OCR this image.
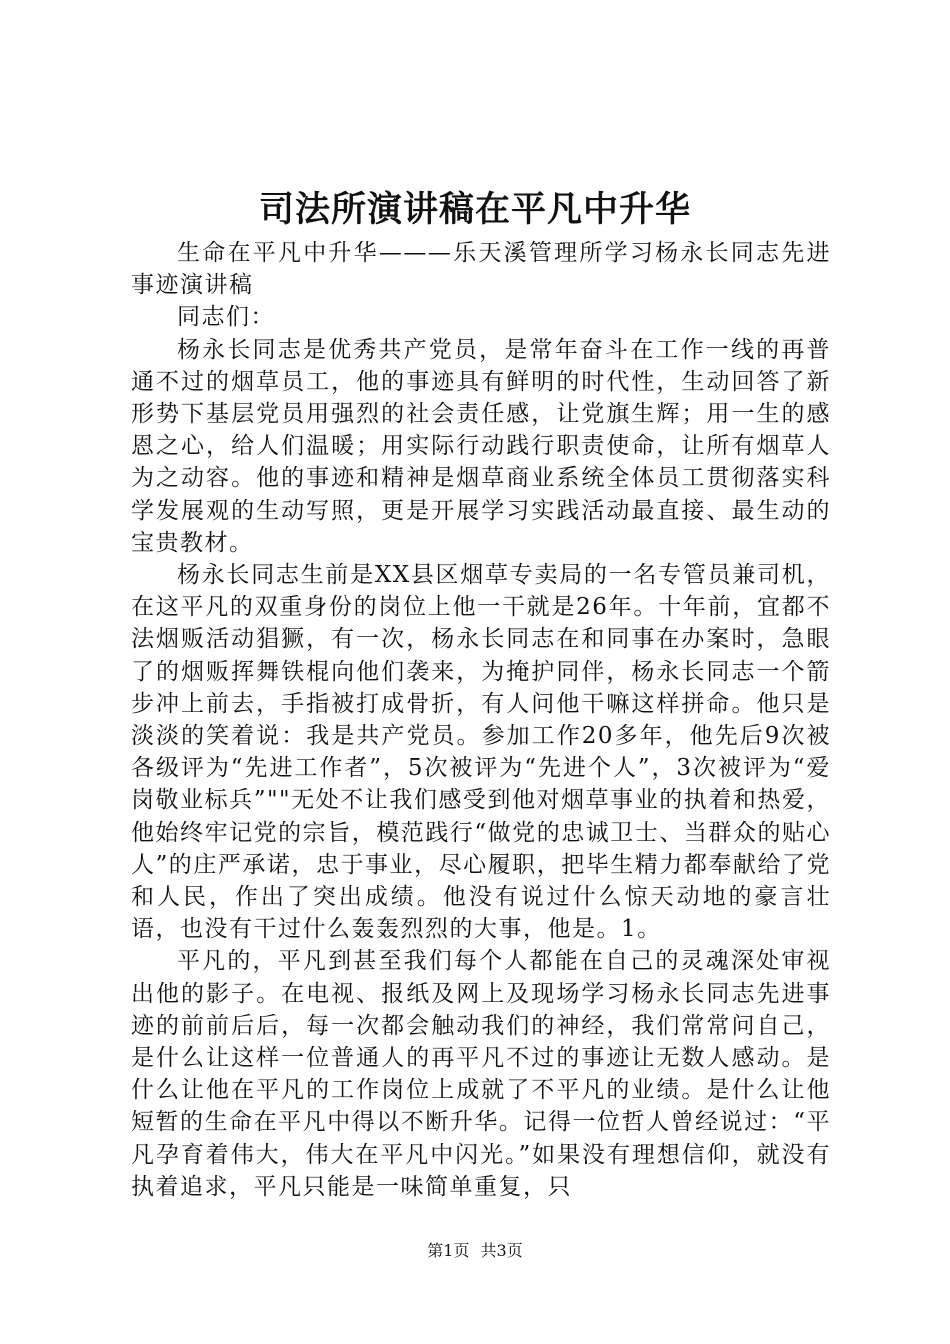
司法所演讲稿在平凡中升华

生命在平凡中升华———乐天溪管理所学习杨永长同志先进事迹演讲稿

同志们：

杨永长同志是优秀共产党员，是常年奋斗在工作一线的再普通不过的烟草员工，他的事迹具有鲜明的时代性，生动回答了新形势下基层党员用强烈的社会责任感，让党旗生辉；用一生的感恩之心，给人们温暖；用实际行动践行职责使命，让所有烟草人为之动容。他的事迹和精神是烟草商业系统全体员工贯彻落实科学发展观的生动写照，更是开展学习实践活动最直接、最生动的宝贵教材。

杨永长同志生前是XX县区烟草专卖局的一名专管员兼司机，在这平凡的双重身份的岗位上他一干就是26年。十年前，宜都不法烟贩活动猖獗，有一次，杨永长同志在和同事在办案时，急眼了的烟贩挥舞铁棍向他们袭来，为掩护同伴，杨永长同志一个箭步冲上前去，手指被打成骨折，有人问他干嘛这样拼命。他只是淡淡的笑着说：我是共产党员。参加工作20多年，他先后9次被各级评为“先进工作者”，5次被评为“先进个人”，3次被评为“爱岗敬业标兵”""无处不让我们感受到他对烟草事业的执着和热爱，他始终牢记党的宗旨，模范践行“做党的忠诚卫士、当群众的贴心人”的庄严承诺，忠于事业，尽心履职，把毕生精力都奉献给了党和人民，作出了突出成绩。他没有说过什么惊天动地的豪言壮语，也没有干过什么轰轰烈烈的大事，他是。1。

平凡的，平凡到甚至我们每个人都能在自己的灵魂深处审视出他的影子。在电视、报纸及网上及现场学习杨永长同志先进事迹的前前后后，每一次都会触动我们的神经，我们常常问自己，是什么让这样一位普通人的再平凡不过的事迹让无数人感动。是什么让他在平凡的工作岗位上成就了不平凡的业绩。是什么让他短暂的生命在平凡中得以不断升华。记得一位哲人曾经说过：“平凡孕育着伟大，伟大在平凡中闪光。”如果没有理想信仰，就没有执着追求，平凡只能是一味简单重复，只

第1页 共3页
